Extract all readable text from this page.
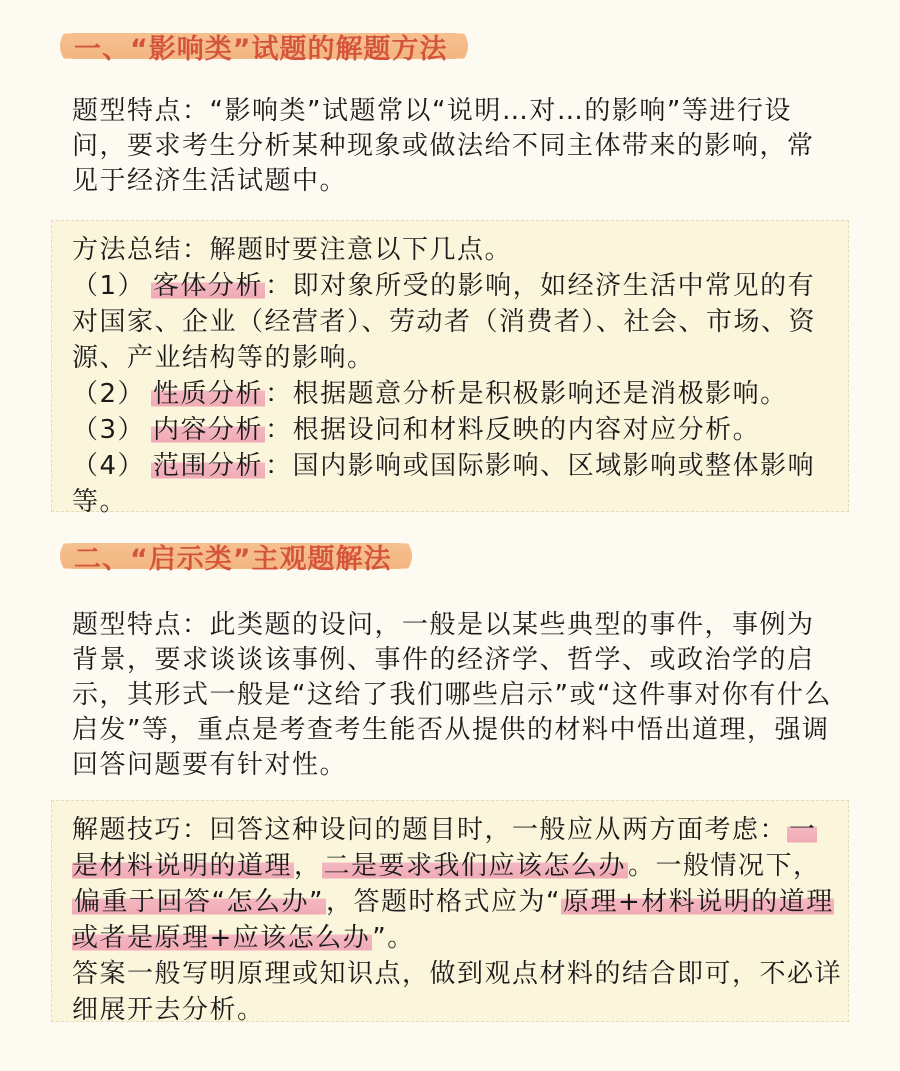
一、“影响类”试题的解题方法

题型特点：“影响类”试题常以“说明…对…的影响”等进行设问，要求考生分析某种现象或做法给不同主体带来的影响，常见于经济生活试题中。

方法总结：解题时要注意以下几点。

（1） 客体分析：即对象所受的影响，如经济生活中常见的有对国家、企业（经营者）、劳动者（消费者）、社会、市场、资源、产业结构等的影响。

（2） 性质分析：根据题意分析是积极影响还是消极影响。

（3） 内容分析：根据设问和材料反映的内容对应分析。

（4） 范围分析：国内影响或国际影响、区域影响或整体影响等。

二、“启示类”主观题解法

题型特点：此类题的设问，一般是以某些典型的事件，事例为背景，要求谈谈该事例、事件的经济学、哲学、或政治学的启示，其形式一般是“这给了我们哪些启示”或“这件事对你有什么启发”等，重点是考查考生能否从提供的材料中悟出道理，强调回答问题要有针对性。

解题技巧：回答这种设问的题目时，一般应从两方面考虑：一是材料说明的道理，二是要求我们应该怎么办。一般情况下，偏重于回答“怎么办”，答题时格式应为“原理+材料说明的道理或者是原理+应该怎么办”。

答案一般写明原理或知识点，做到观点材料的结合即可，不必详细展开去分析。
